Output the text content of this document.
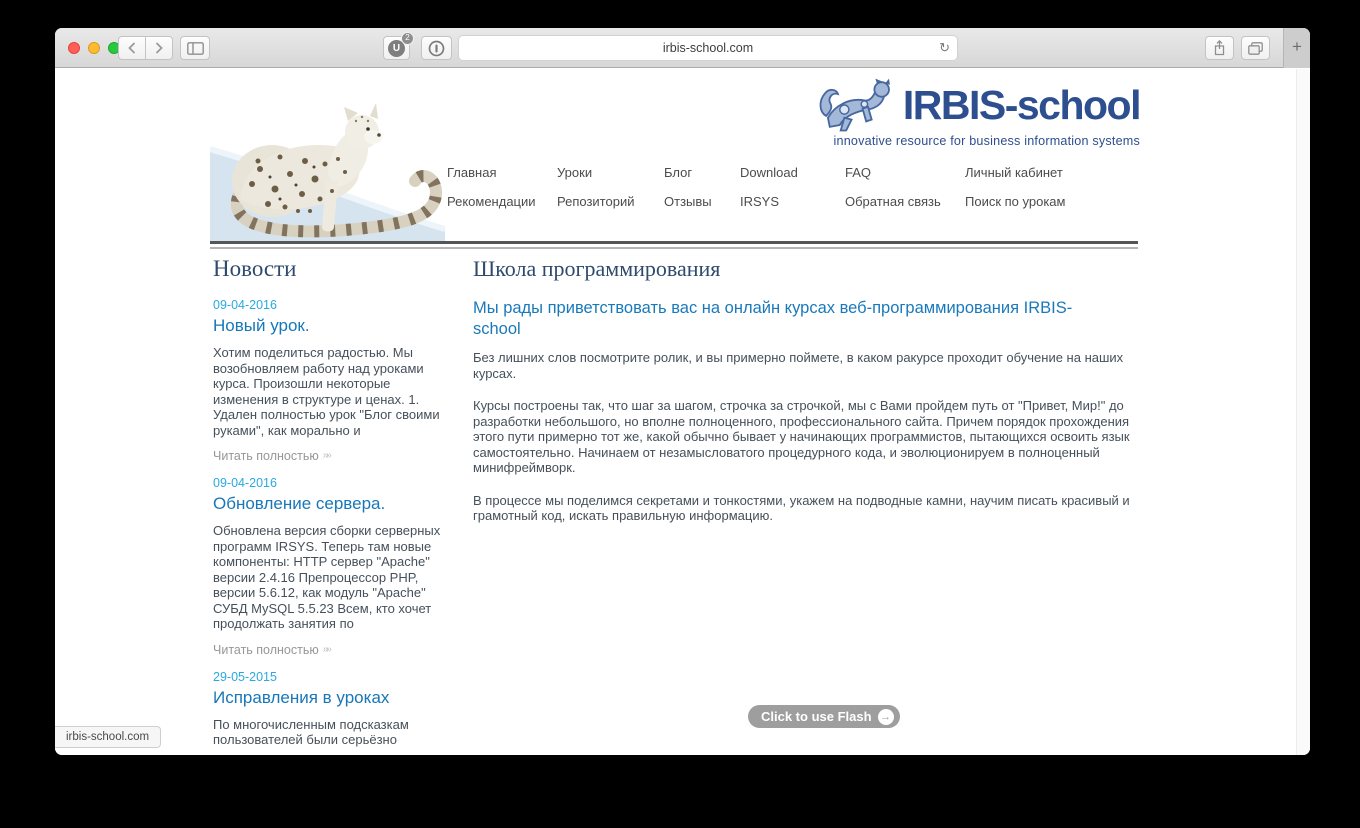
U
2
irbis-school.com	↻	+
IRBIS-school
innovative resource for business information systems
Главная	Уроки	Блог	Download	FAQ	Личный кабинет
Рекомендации Репозиторий Отзывы IRSYS	Обратная связь Поиск по урокам
Новости
09-04-2016
Новый урок.
Хотим поделиться радостью. Мы возобновляем работу над уроками курса. Произошли некоторые изменения в структуре и ценах. 1. Удален полностью урок "Блог своими руками", как морально и
Читать полностью »»
09-04-2016
Обновление сервера.
Обновлена версия сборки серверных программ IRSYS. Теперь там новые компоненты: HTTP сервер "Apache" версии 2.4.16 Препроцессор PHP, версии 5.6.12, как модуль "Apache" СУБД MySQL 5.5.23 Всем, кто хочет продолжать занятия по
Читать полностью »»
29-05-2015
Исправления в уроках
По многочисленным подсказкам пользователей были серьёзно
Школа программирования
Мы рады приветствовать вас на онлайн курсах веб-программирования IRBIS-school

Без лишних слов посмотрите ролик, и вы примерно поймете, в каком ракурсе проходит обучение на наших курсах.

Курсы построены так, что шаг за шагом, строчка за строчкой, мы с Вами пройдем путь от "Привет, Мир!" до разработки небольшого, но вполне полноценного, профессионального сайта. Причем порядок прохождения этого пути примерно тот же, какой обычно бывает у начинающих программистов, пытающихся освоить язык самостоятельно. Начинаем от незамысловатого процедурного кода, и эволюционируем в полноценный минифреймворк.

В процессе мы поделимся секретами и тонкостями, укажем на подводные камни, научим писать красивый и грамотный код, искать правильную информацию.

Click to use Flash →
irbis-school.com
